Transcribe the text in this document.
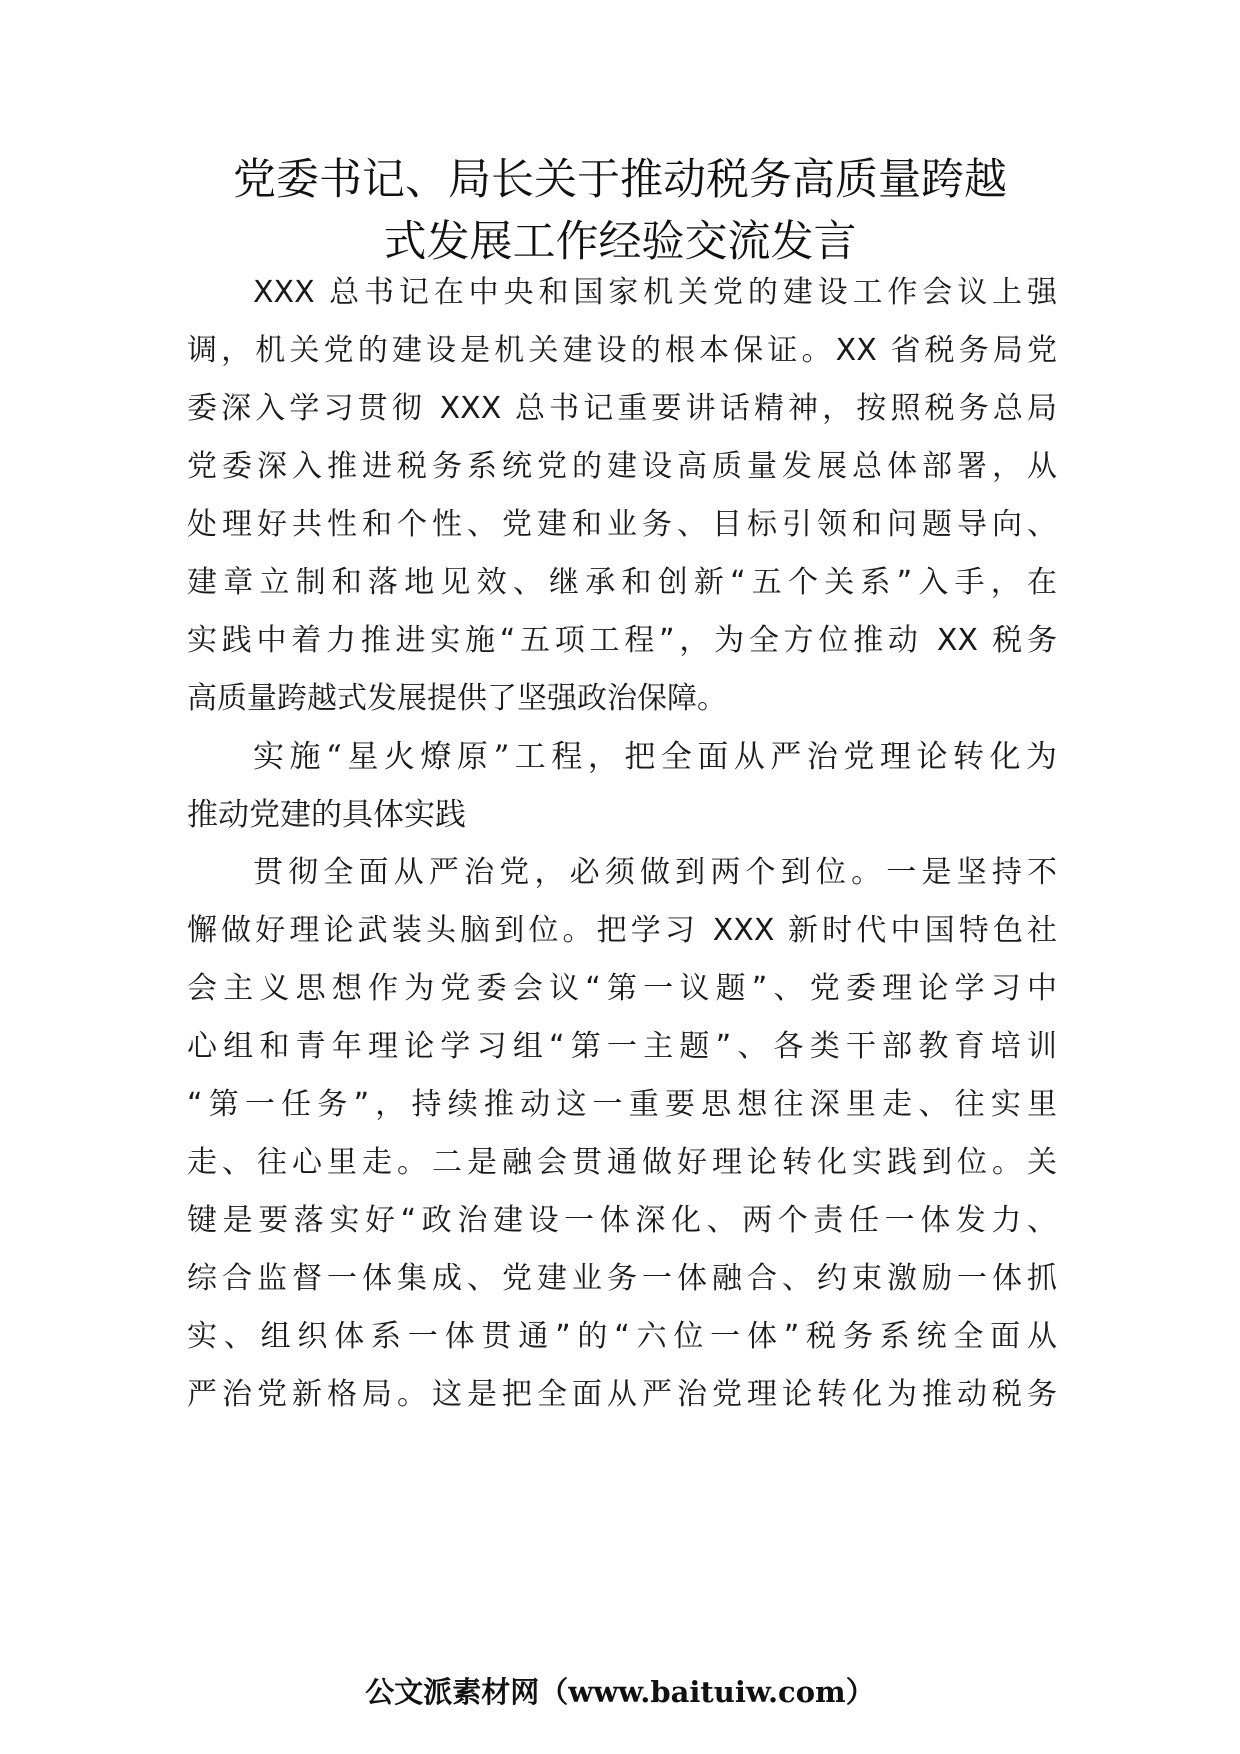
党委书记、局长关于推动税务高质量跨越
式发展工作经验交流发言
XXX 总书记在中央和国家机关党的建设工作会议上强
调，机关党的建设是机关建设的根本保证。XX 省税务局党
委深入学习贯彻 XXX 总书记重要讲话精神，按照税务总局
党委深入推进税务系统党的建设高质量发展总体部署，从
处理好共性和个性、党建和业务、目标引领和问题导向、
建章立制和落地见效、继承和创新“五个关系”入手，在
实践中着力推进实施“五项工程”，为全方位推动 XX 税务
高质量跨越式发展提供了坚强政治保障。
实施“星火燎原”工程，把全面从严治党理论转化为
推动党建的具体实践
贯彻全面从严治党，必须做到两个到位。一是坚持不
懈做好理论武装头脑到位。把学习 XXX 新时代中国特色社
会主义思想作为党委会议“第一议题”、党委理论学习中
心组和青年理论学习组“第一主题”、各类干部教育培训
“第一任务”，持续推动这一重要思想往深里走、往实里
走、往心里走。二是融会贯通做好理论转化实践到位。关
键是要落实好“政治建设一体深化、两个责任一体发力、
综合监督一体集成、党建业务一体融合、约束激励一体抓
实、组织体系一体贯通”的“六位一体”税务系统全面从
严治党新格局。这是把全面从严治党理论转化为推动税务
公文派素材网（www.baituiw.com）
